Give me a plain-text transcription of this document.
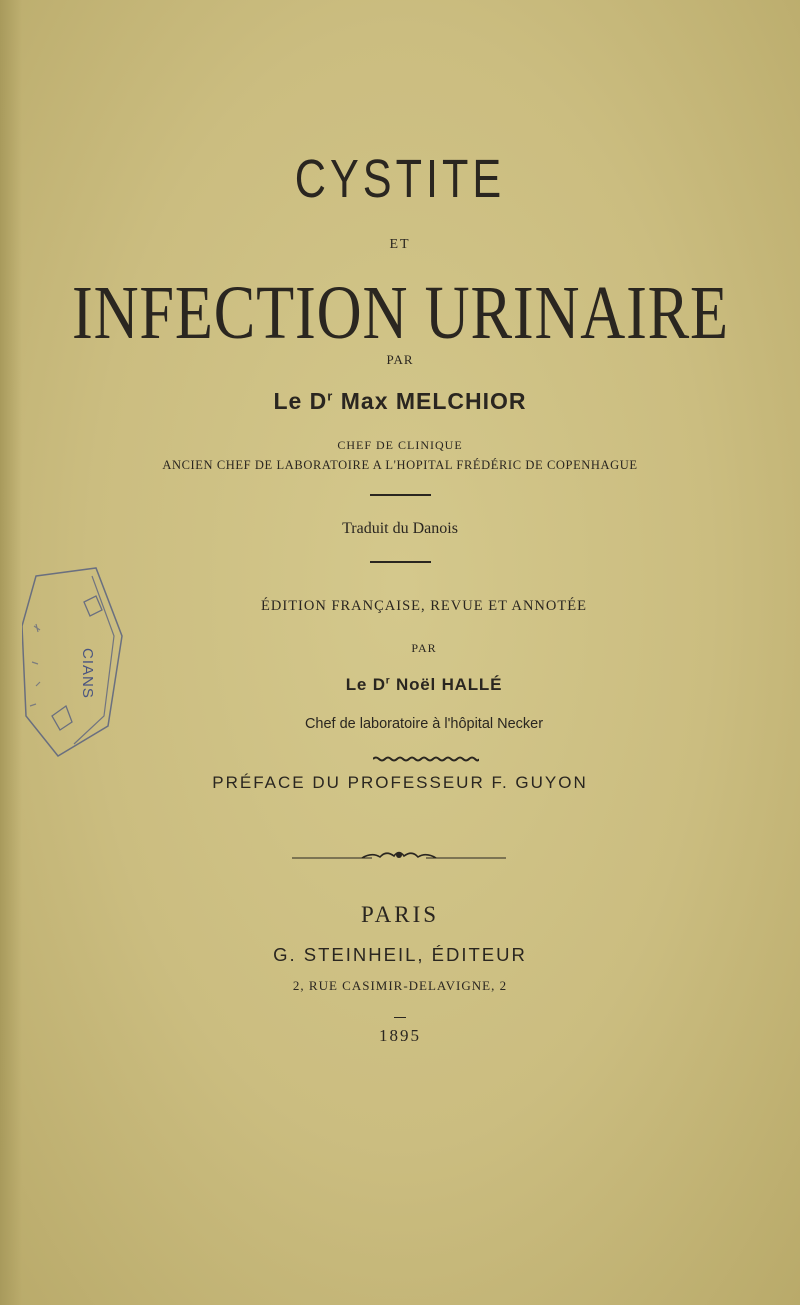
CYSTITE
ET
INFECTION URINAIRE
PAR
Le $D^r$ Max MELCHIOR
CHEF DE CLINIQUE
ANCIEN CHEF DE LABORATOIRE A L'HOPITAL FRÉDÉRIC DE COPENHAGUE
Traduit du Danois
ÉDITION FRANÇAISE, REVUE ET ANNOTÉE
PAR
Le $D^r$ Noël HALLÉ
Chef de laboratoire à l'hôpital Necker
PRÉFACE DU PROFESSEUR F. GUYON
PARIS
G. STEINHEIL, ÉDITEUR
2, RUE CASIMIR-DELAVIGNE, 2
1895
CIANS
